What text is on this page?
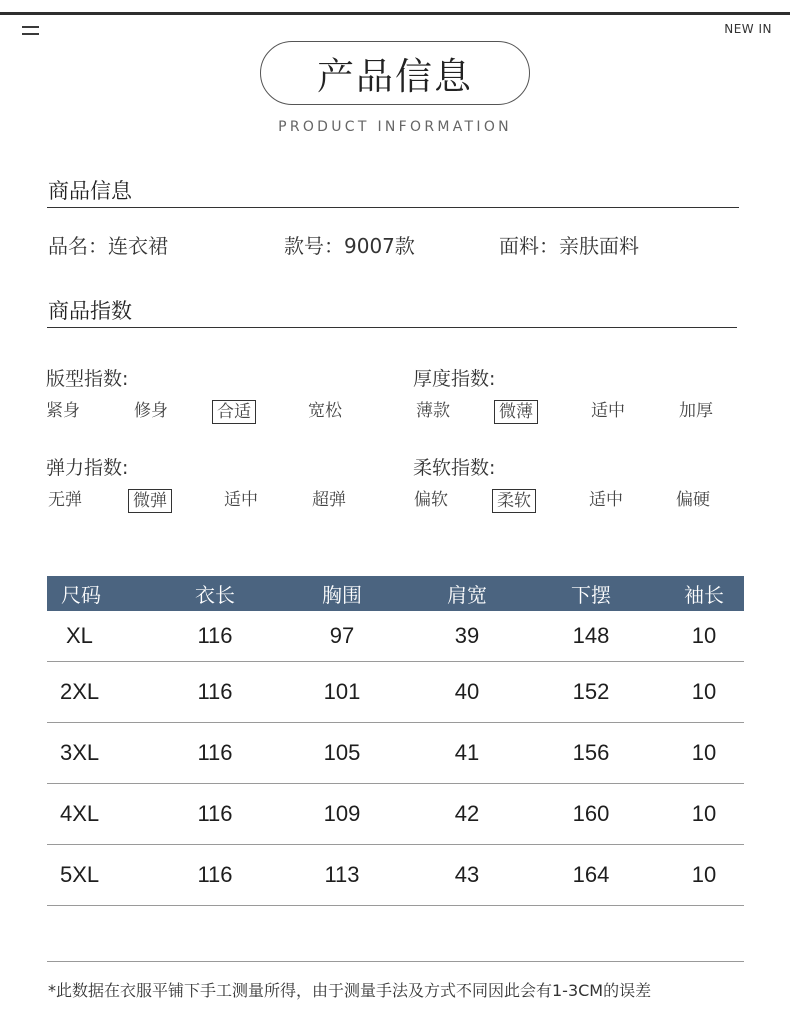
NEW IN
产品信息
PRODUCT INFORMATION
商品信息
品名：连衣裙	款号：9007款	面料：亲肤面料
商品指数
版型指数:
紧身	修身	合适	宽松
厚度指数:
薄款	微薄	适中	加厚
弹力指数:
无弹	微弹	适中	超弹
柔软指数:
偏软	柔软	适中	偏硬
尺码	衣长	胸围	肩宽	下摆	袖长
XL	116	97	39	148	10
2XL	116	101	40	152	10
3XL	116	105	41	156	10
4XL	116	109	42	160	10
5XL	116	113	43	164	10
*此数据在衣服平铺下手工测量所得，由于测量手法及方式不同因此会有1-3CM的误差
